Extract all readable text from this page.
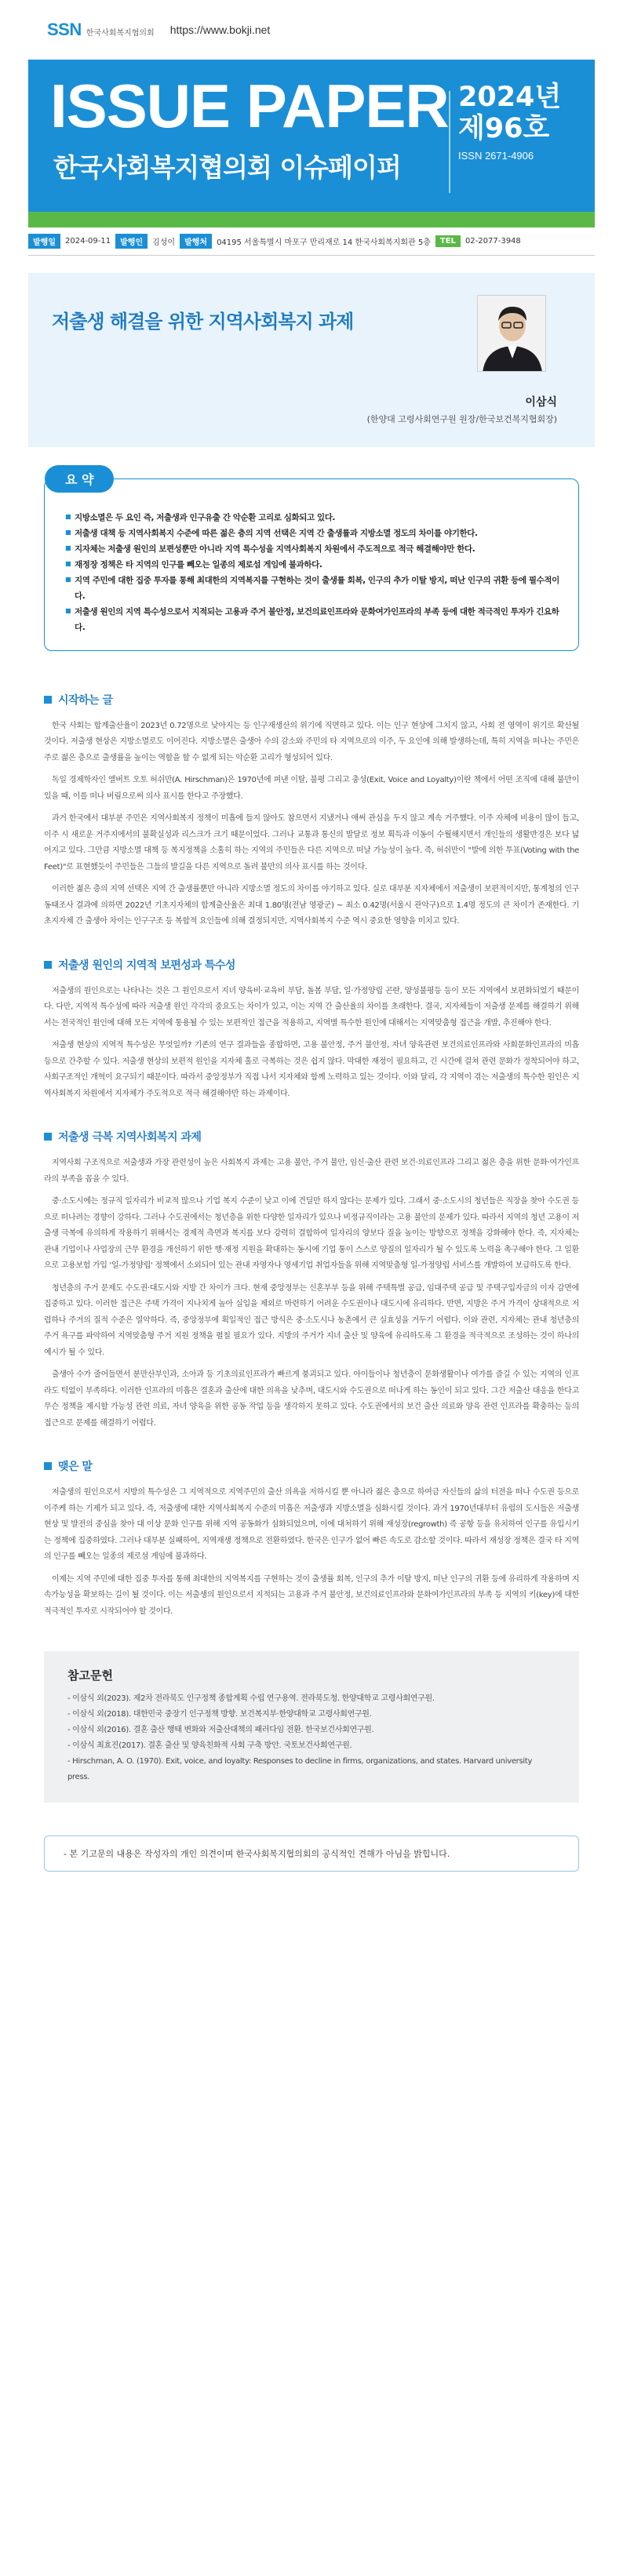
SSN 한국사회복지협의회 https://www.bokji.net
ISSUE PAPER
한국사회복지협의회 이슈페이퍼
2024년
제96호
ISSN 2671-4906
발행일	2024-09-11	발행인	김성이	발행처	04195 서울특별시 마포구 만리재로 14 한국사회복지회관 5층	TEL	02-2077-3948
저출생 해결을 위한 지역사회복지 과제
이삼식
(한양대 고령사회연구원 원장/한국보건복지협회장)
요 약
■ 지방소멸은 두 요인 즉, 저출생과 인구유출 간 악순환 고리로 심화되고 있다.
■ 저출생 대책 등 지역사회복지 수준에 따른 젊은 층의 지역 선택은 지역 간 출생률과 지방소멸 정도의 차이를 야기한다.
■ 지자체는 저출생 원인의 보편성뿐만 아니라 지역 특수성을 지역사회복지 차원에서 주도적으로 적극 해결해야만 한다.
■ 재정장 정책은 타 지역의 인구를 빼오는 일종의 제로섬 게임에 불과하다.
■ 지역 주민에 대한 집중 투자를 통해 최대한의 지역복지를 구현하는 것이 출생률 회복, 인구의 추가 이탈 방지, 떠난 인구의 귀환 등에 필수적이다.
■ 저출생 원인의 지역 특수성으로서 지적되는 고용과 주거 불안정, 보건의료인프라와 문화여가인프라의 부족 등에 대한 적극적인 투자가 긴요하다.
시작하는 글

한국 사회는 합계출산율이 2023년 0.72명으로 낮아지는 등 인구재생산의 위기에 직면하고 있다. 이는 인구 현상에 그치지 않고, 사회 전 영역이 위기로 확산될 것이다. 저출생 현상은 지방소멸로도 이어진다. 지방소멸은 출생아 수의 감소와 주민의 타 지역으로의 이주, 두 요인에 의해 발생하는데, 특히 지역을 떠나는 주민은 주로 젊은 층으로 출생률을 높이는 역할을 할 수 없게 되는 악순환 고리가 형성되어 있다.

독일 경제학자인 앨버트 오토 허쉬만(A. Hirschman)은 1970년에 펴낸 이탈, 불평 그리고 충성(Exit, Voice and Loyalty)이란 책에서 어떤 조직에 대해 불만이 있을 때, 이를 떠나 버림으로써 의사 표시를 한다고 주장했다.

과거 한국에서 대부분 주민은 지역사회복지 정책이 미흡에 들지 않아도 참으면서 지냈거나 애써 관심을 두지 않고 계속 거주했다. 이주 자체에 비용이 많이 들고, 이주 시 새로운 거주지에서의 불확실성과 리스크가 크기 때문이었다. 그러나 교통과 통신의 발달로 정보 획득과 이동이 수월해지면서 개인들의 생활반경은 보다 넓어지고 있다. 그만큼 지방소멸 대책 등 복지정책을 소홀히 하는 지역의 주민들은 다른 지역으로 떠날 가능성이 높다. 즉, 허쉬만이 "발에 의한 투표(Voting with the Feet)"로 표현했듯이 주민들은 그들의 발길을 다른 지역으로 돌려 불만의 의사 표시를 하는 것이다.

이러한 젊은 층의 지역 선택은 지역 간 출생률뿐만 아니라 지방소멸 정도의 차이를 야기하고 있다. 실로 대부분 지자체에서 저출생이 보편적이지만, 통계청의 인구동태조사 결과에 의하면 2022년 기초지자체의 합계출산율은 최대 1.80명(전남 영광군) ~ 최소 0.42명(서울시 관악구)으로 1.4명 정도의 큰 차이가 존재한다. 기초지자체 간 출생아 차이는 인구구조 등 복합적 요인들에 의해 결정되지만, 지역사회복지 수준 역시 중요한 영향을 미치고 있다.

저출생 원인의 지역적 보편성과 특수성

저출생의 원인으로는 나타나는 것은 그 원인으로서 지녀 양육비·교육비 부담, 돌봄 부담, 일·가정양립 곤란, 양성불평등 등이 모든 지역에서 보편화되었기 때문이다. 다만, 지역적 특수성에 따라 저출생 원인 각각의 중요도는 차이가 있고, 이는 지역 간 출산율의 차이를 초래한다. 결국, 지자체들이 저출생 문제를 해결하기 위해서는 전국적인 원인에 대해 모든 지역에 통용될 수 있는 보편적인 접근을 적용하고, 지역별 특수한 원인에 대해서는 지역맞춤형 접근을 개발, 추진해야 한다.

저출생 현상의 지역적 특수성은 무엇일까? 기존의 연구 결과들을 종합하면, 고용 불안정, 주거 불안정, 자녀 양육관련 보건의료인프라와 사회문화인프라의 미흡 등으로 간추할 수 있다. 저출생 현상의 보편적 원인을 지자체 홀로 극복하는 것은 쉽지 않다. 막대한 재정이 필요하고, 긴 시간에 걸쳐 관련 문화가 정착되어야 하고, 사회구조적인 개혁이 요구되기 때문이다. 따라서 중앙정부가 직접 나서 지자체와 함께 노력하고 있는 것이다. 이와 달리, 각 지역이 겪는 저출생의 특수한 원인은 지역사회복지 차원에서 지자체가 주도적으로 적극 해결해야만 하는 과제이다.

저출생 극복 지역사회복지 과제

지역사회 구조적으로 저출생과 가장 관련성이 높은 사회복지 과제는 고용 불안, 주거 불안, 임신·출산 관련 보건·의료인프라 그리고 젊은 층을 위한 문화·여가인프라의 부족을 꼽을 수 있다.

중·소도시에는 정규직 일자리가 비교적 많으나 기업 복지 수준이 낮고 이에 견딜만 하지 않다는 문제가 있다. 그래서 중·소도시의 청년들은 직장을 찾아 수도권 등으로 떠나려는 경향이 강하다. 그러나 수도권에서는 청년층을 위한 다양한 일자리가 있으나 비정규직이라는 고용 불안의 문제가 있다. 따라서 지역의 청년 고용이 저출생 극복에 유의하게 작용하기 위해서는 경제적 측면과 복지를 보다 강력히 결합하여 일자리의 양보다 질을 높이는 방향으로 정책을 강화해야 한다. 즉, 지자체는 관내 기업이나 사업장의 근무 환경을 개선하기 위한 행·재정 지원을 확대하는 동시에 기업 퉁이 스스로 양질의 일자리가 될 수 있도록 노력을 촉구해야 한다. 그 일환으로 고용보험 가입 '일-가정양립' 정책에서 소외되어 있는 관내 자영자나 영세기업 취업자들을 위해 지역맞춤형 일-가정양립 서비스를 개발하여 보급하도록 한다.

청년층의 주거 문제도 수도권·대도시와 지방 간 차이가 크다. 현재 중앙정부는 신혼부부 등을 위해 주택특별 공급, 임대주택 공급 및 주택구입자금의 이자 감면에 집중하고 있다. 이러한 접근은 주택 가격이 지나치게 높아 실입을 제외로 마련하기 어려운 수도권이나 대도시에 유리하다. 반면, 지방은 주거 가격이 상대적으로 저렴하나 주거의 질적 수준은 열악하다. 즉, 중앙정부에 획일적인 접근 방식은 중·소도시나 농촌에서 큰 실효성을 거두기 어렵다. 이와 관련, 지자체는 관내 청년층의 주거 욕구를 파악하여 지역맞춤형 주거 지원 정책을 펼칠 필요가 있다. 지방의 주거가 지녀 출산 및 양육에 유리하도록 그 환경을 적극적으로 조성하는 것이 하나의 예시가 될 수 있다.

출생아 수가 줄어들면서 분만산부인과, 소아과 등 기초의료인프라가 빠르게 붕괴되고 있다. 아이들이나 청년층이 문화생활이나 여가를 즐길 수 있는 지역의 인프라도 턱없이 부족하다. 이러한 인프라의 미흡은 결혼과 출산에 대한 의욕을 낮추며, 대도시와 수도권으로 떠나게 하는 동인이 되고 있다. 그간 저출산 대응을 한다고 무슨 정책을 제시할 가능성 관련 의료, 자녀 양육을 위한 공동 작업 등을 생각하지 못하고 있다. 수도권에서의 보건 출산 의료와 양육 관련 인프라를 확충하는 등의 접근으로 문제를 해결하기 어렵다.

맺은 말

저출생의 원인으로서 지방의 특수성은 그 지역적으로 지역주민의 출산 의욕을 저하시킬 뿐 아니라 젊은 층으로 하여금 자신들의 삶의 터전을 떠나 수도권 등으로 이주케 하는 기제가 되고 있다. 즉, 저출생에 대한 지역사회복지 수준의 미흡은 저출생과 지방소멸을 심화시킬 것이다. 과거 1970년대부터 유럽의 도시들은 저출생 현상 및 발전의 중심을 찾아 대 이상 문화 인구를 위해 지역 공동화가 심화되었으며, 이에 대처하기 위해 재성장(regrowth) 즉 공항 등을 유치하여 인구를 유입시키는 정책에 집중하였다. 그러나 대부분 실패하여, 지역재생 정책으로 전환하였다. 한국은 인구가 없어 빠른 속도로 감소할 것이다. 따라서 재성장 정책은 결국 타 지역의 인구를 빼오는 일종의 제로섬 게임에 불과하다.

이제는 지역 주민에 대한 집중 투자를 통해 최대한의 지역복지를 구현하는 것이 출생률 회복, 인구의 추가 이탈 방지, 떠난 인구의 귀환 등에 유리하게 작용하며 지속가능성을 확보하는 길이 될 것이다. 이는 저출생의 원인으로서 지적되는 고용과 주거 불안정, 보건의료인프라와 문화여가인프라의 부족 등 지역의 키(key)에 대한 적극적인 투자로 시작되어야 할 것이다.

참고문헌
- 이삼식 외(2023). 제2차 전라북도 인구정책 종합계획 수립 연구용역. 전라북도청. 한양대학교 고령사회연구원.
- 이삼식 외(2018). 대한민국 중장기 인구정책 방향. 보건복지부·한양대학교 고령사회연구원.
- 이삼식 외(2016). 결혼 출산 행태 변화와 저출산대책의 패러다임 전환. 한국보건사회연구원.
- 이삼식 최효진(2017). 결혼 출산 및 양육친화적 사회 구축 방안. 국토보건사회연구원.
- Hirschman, A. O. (1970). Exit, voice, and loyalty: Responses to decline in firms, organizations, and states. Harvard university press.
- 본 기고문의 내용은 작성자의 개인 의견이며 한국사회복지협의회의 공식적인 견해가 아님을 밝힙니다.
